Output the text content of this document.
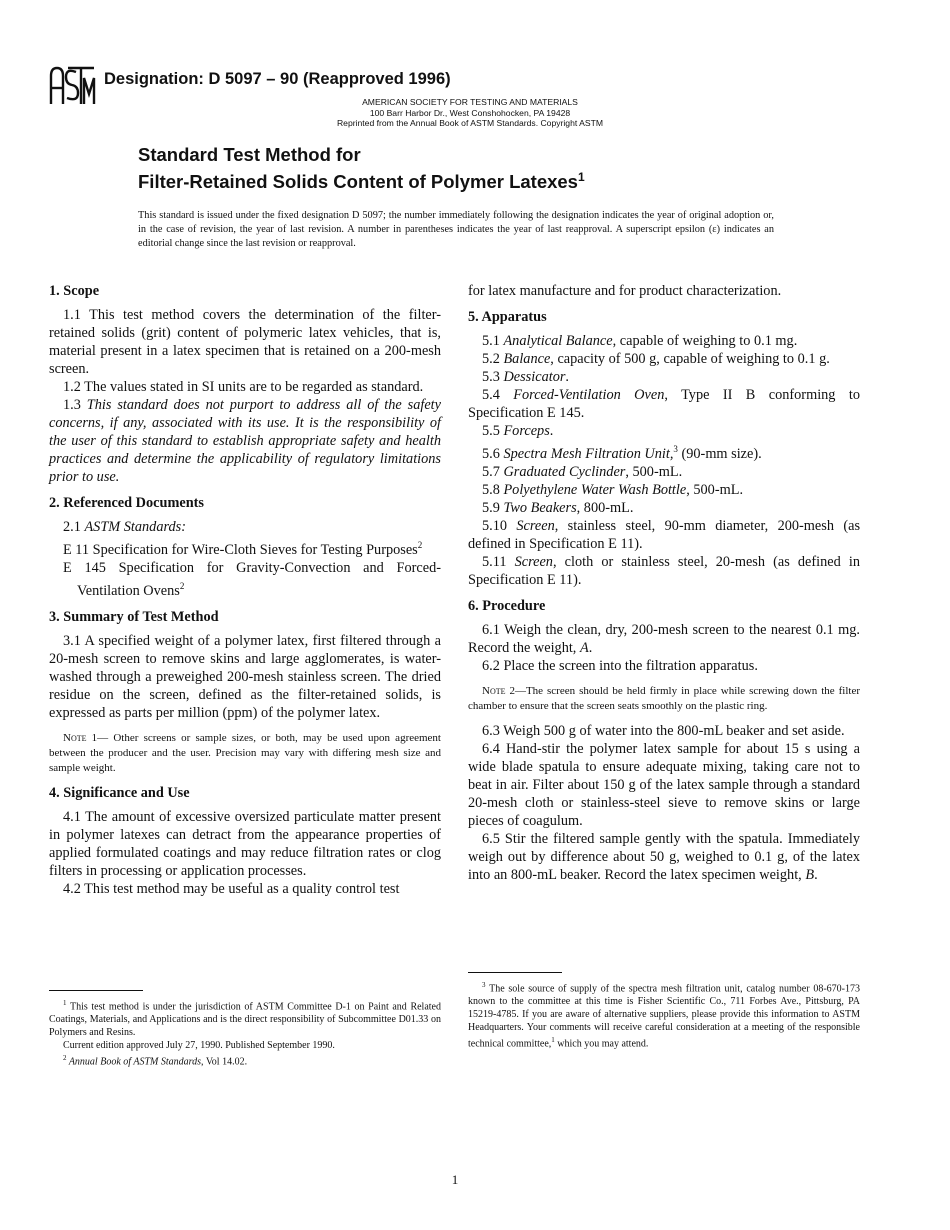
Designation: D 5097 – 90 (Reapproved 1996)
AMERICAN SOCIETY FOR TESTING AND MATERIALS
100 Barr Harbor Dr., West Conshohocken, PA 19428
Reprinted from the Annual Book of ASTM Standards. Copyright ASTM
Standard Test Method for
Filter-Retained Solids Content of Polymer Latexes$^1$
This standard is issued under the fixed designation D 5097; the number immediately following the designation indicates the year of original adoption or, in the case of revision, the year of last revision. A number in parentheses indicates the year of last reapproval. A superscript epsilon (ε) indicates an editorial change since the last revision or reapproval.
1. Scope

1.1 This test method covers the determination of the filter-retained solids (grit) content of polymeric latex vehicles, that is, material present in a latex specimen that is retained on a 200-mesh screen.

1.2 The values stated in SI units are to be regarded as standard.

1.3 This standard does not purport to address all of the safety concerns, if any, associated with its use. It is the responsibility of the user of this standard to establish appropriate safety and health practices and determine the applicability of regulatory limitations prior to use.

2. Referenced Documents

2.1 ASTM Standards:

E 11 Specification for Wire-Cloth Sieves for Testing Purposes$^2$

E 145 Specification for Gravity-Convection and Forced-Ventilation Ovens$^2$

3. Summary of Test Method

3.1 A specified weight of a polymer latex, first filtered through a 20-mesh screen to remove skins and large agglomerates, is water-washed through a preweighed 200-mesh stainless screen. The dried residue on the screen, defined as the filter-retained solids, is expressed as parts per million (ppm) of the polymer latex.

Note 1— Other screens or sample sizes, or both, may be used upon agreement between the producer and the user. Precision may vary with differing mesh size and sample weight.

4. Significance and Use

4.1 The amount of excessive oversized particulate matter present in polymer latexes can detract from the appearance properties of applied formulated coatings and may reduce filtration rates or clog filters in processing or application processes.

4.2 This test method may be useful as a quality control test

$^1$ This test method is under the jurisdiction of ASTM Committee D-1 on Paint and Related Coatings, Materials, and Applications and is the direct responsibility of Subcommittee D01.33 on Polymers and Resins.

Current edition approved July 27, 1990. Published September 1990.

$^2$ Annual Book of ASTM Standards, Vol 14.02.

for latex manufacture and for product characterization.

5. Apparatus

5.1 Analytical Balance, capable of weighing to 0.1 mg.

5.2 Balance, capacity of 500 g, capable of weighing to 0.1 g.

5.3 Dessicator.

5.4 Forced-Ventilation Oven, Type II B conforming to Specification E 145.

5.5 Forceps.

5.6 Spectra Mesh Filtration Unit,$^3$ (90-mm size).

5.7 Graduated Cyclinder, 500-mL.

5.8 Polyethylene Water Wash Bottle, 500-mL.

5.9 Two Beakers, 800-mL.

5.10 Screen, stainless steel, 90-mm diameter, 200-mesh (as defined in Specification E 11).

5.11 Screen, cloth or stainless steel, 20-mesh (as defined in Specification E 11).

6. Procedure

6.1 Weigh the clean, dry, 200-mesh screen to the nearest 0.1 mg. Record the weight, A.

6.2 Place the screen into the filtration apparatus.

Note 2—The screen should be held firmly in place while screwing down the filter chamber to ensure that the screen seats smoothly on the plastic ring.

6.3 Weigh 500 g of water into the 800-mL beaker and set aside.

6.4 Hand-stir the polymer latex sample for about 15 s using a wide blade spatula to ensure adequate mixing, taking care not to beat in air. Filter about 150 g of the latex sample through a standard 20-mesh cloth or stainless-steel sieve to remove skins or large pieces of coagulum.

6.5 Stir the filtered sample gently with the spatula. Immediately weigh out by difference about 50 g, weighed to 0.1 g, of the latex into an 800-mL beaker. Record the latex specimen weight, B.

$^3$ The sole source of supply of the spectra mesh filtration unit, catalog number 08-670-173 known to the committee at this time is Fisher Scientific Co., 711 Forbes Ave., Pittsburg, PA 15219-4785. If you are aware of alternative suppliers, please provide this information to ASTM Headquarters. Your comments will receive careful consideration at a meeting of the responsible technical committee,$^1$ which you may attend.

1
